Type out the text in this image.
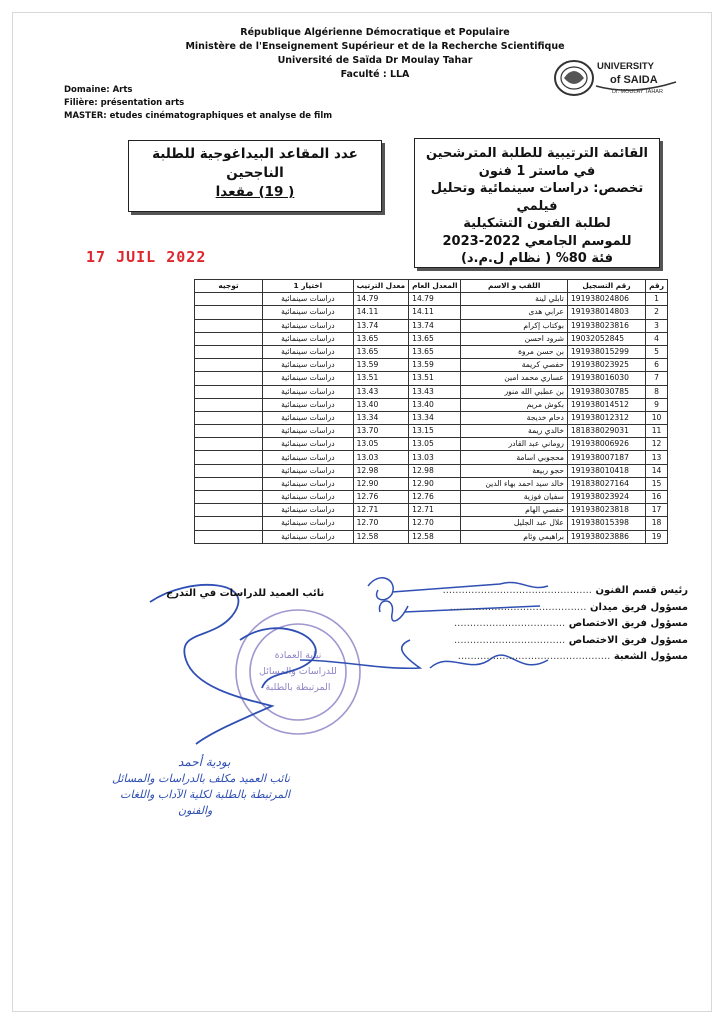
République Algérienne Démocratique et Populaire
Ministère de l'Enseignement Supérieur et de la Recherche Scientifique
Université de Saïda Dr Moulay Tahar
Faculté : LLA
UNIVERSITY
of SAIDA
Dr. MOULAY TAHAR
Domaine: Arts
Filière: présentation arts
MASTER: etudes cinématographiques et analyse de film
عدد المقاعد البيداغوجية للطلبة
الناجحين
( 19) مقعدا
القائمة الترتيبية للطلبة المترشحين
في ماستر 1 فنون
تخصص: دراسات سينمائية وتحليل فيلمي
لطلبة الفنون التشكيلية
للموسم الجامعي 2022-2023
فئة 80% ( نظام ل.م.د)
17 JUIL 2022
توجيه	اختيار 1	معدل الترتيب	المعدل العام	اللقب و الاسم	رقم التسجيل	رقم
	دراسات سينمائية	14.79	14.79	تابلي لينة	191938024806	1
	دراسات سينمائية	14.11	14.11	عرابي هدى	191938014803	2
	دراسات سينمائية	13.74	13.74	بوكتاب إكرام	191938023816	3
	دراسات سينمائية	13.65	13.65	شرود احسن	19032052845	4
	دراسات سينمائية	13.65	13.65	بن حسن مروة	191938015299	5
	دراسات سينمائية	13.59	13.59	حفصي كريمة	191938023925	6
	دراسات سينمائية	13.51	13.51	عساري محمد امين	191938016030	7
	دراسات سينمائية	13.43	13.43	بن عطبي الله منور	191938030785	8
	دراسات سينمائية	13.40	13.40	بكوش مريم	191938014512	9
	دراسات سينمائية	13.34	13.34	دحام خديجة	191938012312	10
	دراسات سينمائية	13.70	13.15	خالدي ريمة	181838029031	11
	دراسات سينمائية	13.05	13.05	روماني عبد القادر	191938006926	12
	دراسات سينمائية	13.03	13.03	محجوبي اسامة	191938007187	13
	دراسات سينمائية	12.98	12.98	حجو ربيعة	191938010418	14
	دراسات سينمائية	12.90	12.90	خالد سيد احمد بهاء الدين	191838027164	15
	دراسات سينمائية	12.76	12.76	سفيان فوزية	191938023924	16
	دراسات سينمائية	12.71	12.71	حفصي الهام	191938023818	17
	دراسات سينمائية	12.70	12.70	علال عبد الجليل	191938015398	18
	دراسات سينمائية	12.58	12.58	براهيمي وئام	191938023886	19
نيابة العمادة
للدراسات والمسائل
المرتبطة بالطلبة
رئيس قسم الفنون ...............................................
مسؤول فريق ميدان ...........................................
مسؤول فريق الاختصاص ...................................
مسؤول فريق الاختصاص ...................................
مسؤول الشعبة ................................................
نائب العميد للدراسات في التدرج
بودية أحمد
نائب العميد مكلف بالدراسات والمسائل
المرتبطة بالطلبة لكلية الآداب واللغات
والفنون
